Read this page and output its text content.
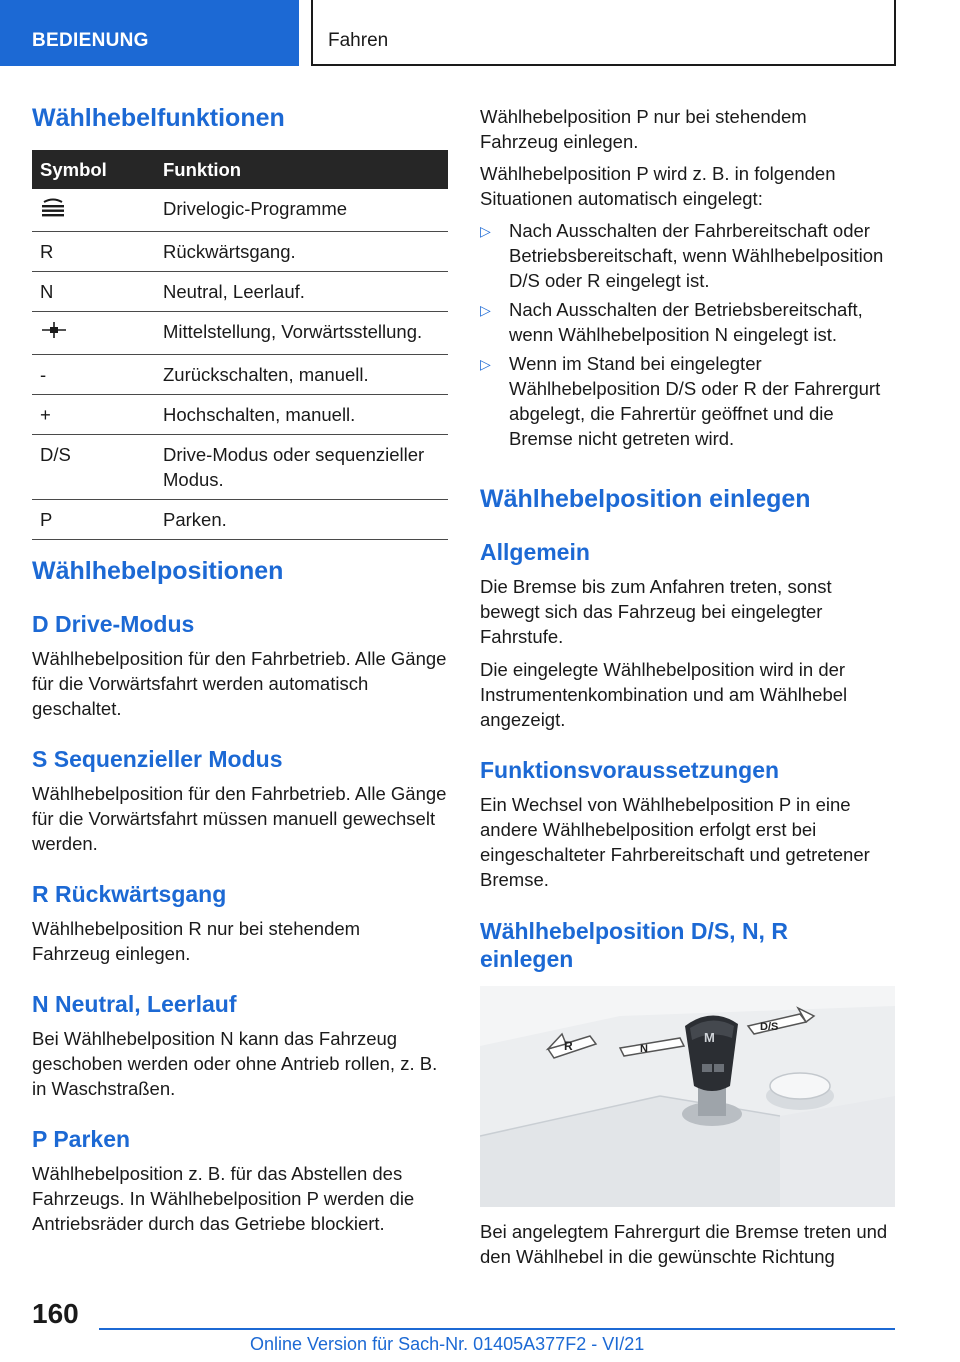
BEDIENUNG	Fahren
Wählhebelfunktionen
Symbol	Funktion
	Drivelogic-Programme
R	Rückwärtsgang.
N	Neutral, Leerlauf.
	Mittelstellung, Vorwärtsstellung.
-	Zurückschalten, manuell.
+	Hochschalten, manuell.
D/S	Drive-Modus oder sequenzieller Modus.
P	Parken.
Wählhebelpositionen
D Drive-Modus

Wählhebelposition für den Fahrbetrieb. Alle Gänge für die Vorwärtsfahrt werden automatisch geschaltet.

S Sequenzieller Modus

Wählhebelposition für den Fahrbetrieb. Alle Gänge für die Vorwärtsfahrt müssen manuell gewechselt werden.

R Rückwärtsgang

Wählhebelposition R nur bei stehendem Fahrzeug einlegen.

N Neutral, Leerlauf

Bei Wählhebelposition N kann das Fahrzeug geschoben werden oder ohne Antrieb rollen, z. B. in Waschstraßen.

P Parken

Wählhebelposition z. B. für das Abstellen des Fahrzeugs. In Wählhebelposition P werden die Antriebsräder durch das Getriebe blockiert.

Wählhebelposition P nur bei stehendem Fahrzeug einlegen.

Wählhebelposition P wird z. B. in folgenden Situationen automatisch eingelegt:

▷ Nach Ausschalten der Fahrbereitschaft oder Betriebsbereitschaft, wenn Wählhebelposition D/S oder R eingelegt ist.
▷ Nach Ausschalten der Betriebsbereitschaft, wenn Wählhebelposition N eingelegt ist.
▷ Wenn im Stand bei eingelegter Wählhebelposition D/S oder R der Fahrergurt abgelegt, die Fahrertür geöffnet und die Bremse nicht getreten wird.
Wählhebelposition einlegen
Allgemein

Die Bremse bis zum Anfahren treten, sonst bewegt sich das Fahrzeug bei eingelegter Fahrstufe.

Die eingelegte Wählhebelposition wird in der Instrumentenkombination und am Wählhebel angezeigt.

Funktionsvoraussetzungen

Ein Wechsel von Wählhebelposition P in eine andere Wählhebelposition erfolgt erst bei eingeschalteter Fahrbereitschaft und getretener Bremse.

Wählhebelposition D/S, N, R
einlegen
R	N
D/S
M

Bei angelegtem Fahrergurt die Bremse treten und den Wählhebel in die gewünschte Richtung

160
Online Version für Sach-Nr. 01405A377F2 - VI/21
